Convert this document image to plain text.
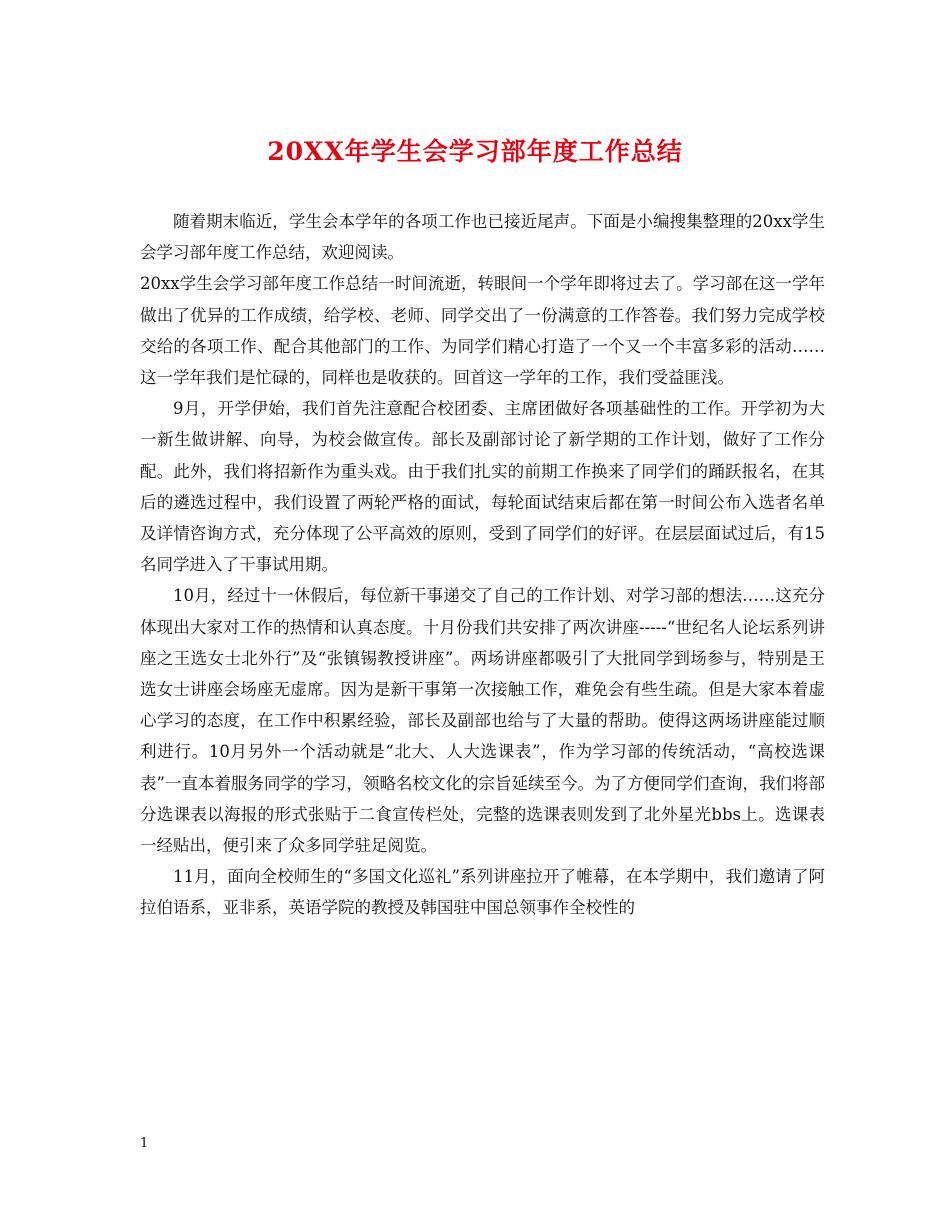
20XX年学生会学习部年度工作总结

随着期末临近，学生会本学年的各项工作也已接近尾声。下面是小编搜集整理的20xx学生会学习部年度工作总结，欢迎阅读。

20xx学生会学习部年度工作总结一时间流逝，转眼间一个学年即将过去了。学习部在这一学年做出了优异的工作成绩，给学校、老师、同学交出了一份满意的工作答卷。我们努力完成学校交给的各项工作、配合其他部门的工作、为同学们精心打造了一个又一个丰富多彩的活动……这一学年我们是忙碌的，同样也是收获的。回首这一学年的工作，我们受益匪浅。

9月，开学伊始，我们首先注意配合校团委、主席团做好各项基础性的工作。开学初为大一新生做讲解、向导，为校会做宣传。部长及副部讨论了新学期的工作计划，做好了工作分配。此外，我们将招新作为重头戏。由于我们扎实的前期工作换来了同学们的踊跃报名，在其后的遴选过程中，我们设置了两轮严格的面试，每轮面试结束后都在第一时间公布入选者名单及详情咨询方式，充分体现了公平高效的原则，受到了同学们的好评。在层层面试过后，有15名同学进入了干事试用期。

10月，经过十一休假后，每位新干事递交了自己的工作计划、对学习部的想法……这充分体现出大家对工作的热情和认真态度。十月份我们共安排了两次讲座-----“世纪名人论坛系列讲座之王选女士北外行”及“张镇锡教授讲座”。两场讲座都吸引了大批同学到场参与，特别是王选女士讲座会场座无虚席。因为是新干事第一次接触工作，难免会有些生疏。但是大家本着虚心学习的态度，在工作中积累经验，部长及副部也给与了大量的帮助。使得这两场讲座能过顺利进行。10月另外一个活动就是“北大、人大选课表”，作为学习部的传统活动，“高校选课表”一直本着服务同学的学习，领略名校文化的宗旨延续至今。为了方便同学们查询，我们将部分选课表以海报的形式张贴于二食宣传栏处，完整的选课表则发到了北外星光bbs上。选课表一经贴出，便引来了众多同学驻足阅览。

11月，面向全校师生的“多国文化巡礼”系列讲座拉开了帷幕，在本学期中，我们邀请了阿拉伯语系，亚非系，英语学院的教授及韩国驻中国总领事作全校性的

1
